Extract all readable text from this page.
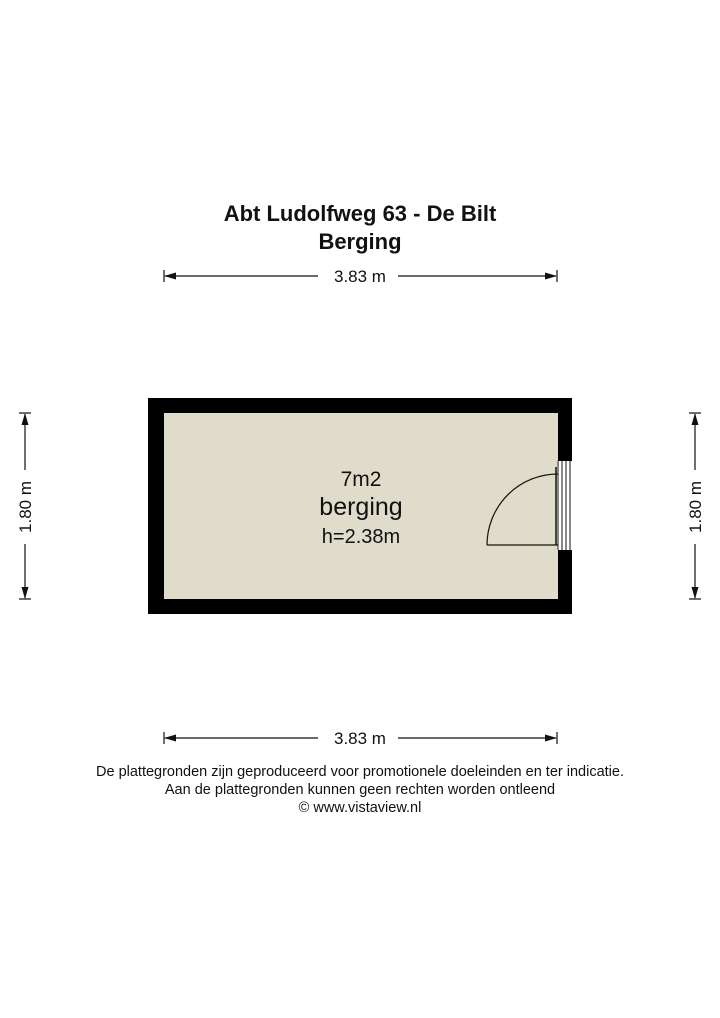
Abt Ludolfweg 63 - De Bilt
Berging
3.83 m
3.83 m
1.80 m	1.80 m
7m2
berging
h=2.38m
De plattegronden zijn geproduceerd voor promotionele doeleinden en ter indicatie.
Aan de plattegronden kunnen geen rechten worden ontleend
© www.vistaview.nl
